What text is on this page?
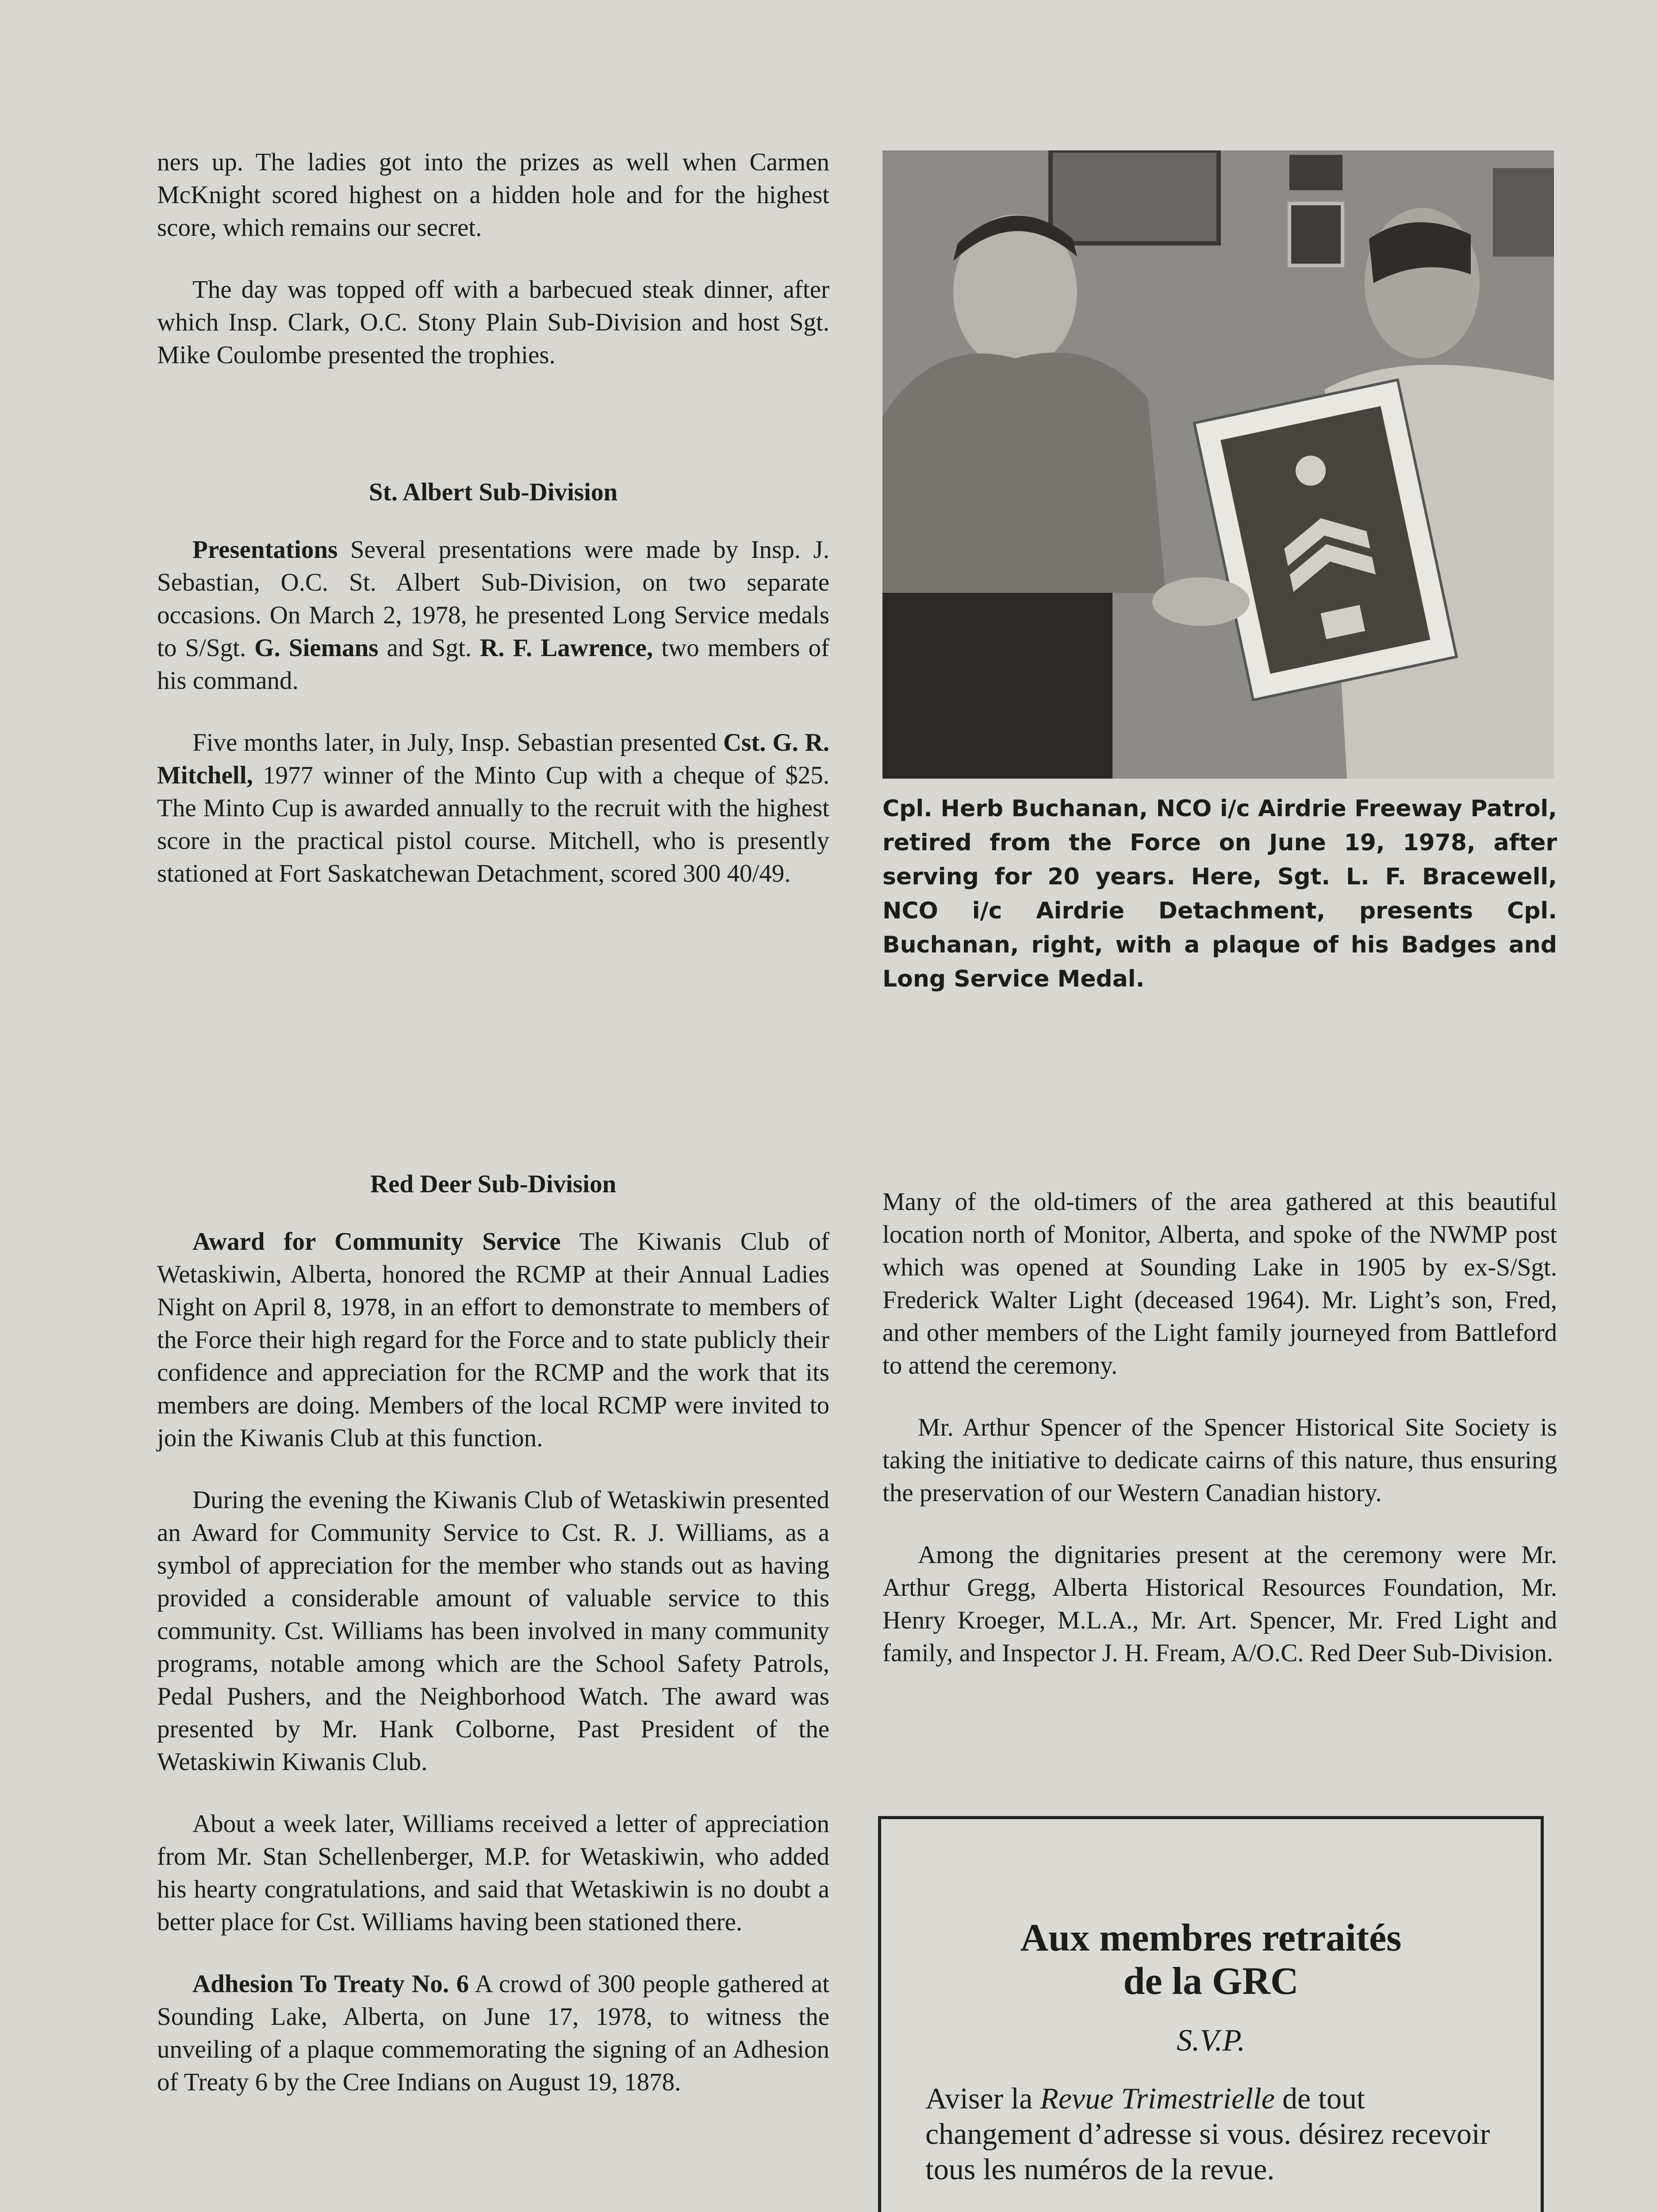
ners up. The ladies got into the prizes as well when Carmen McKnight scored highest on a hidden hole and for the highest score, which remains our secret.

The day was topped off with a barbecued steak dinner, after which Insp. Clark, O.C. Stony Plain Sub-Division and host Sgt. Mike Coulombe presented the trophies.

St. Albert Sub-Division

Presentations Several presentations were made by Insp. J. Sebastian, O.C. St. Albert Sub-Division, on two separate occasions. On March 2, 1978, he presented Long Service medals to S/Sgt. G. Siemans and Sgt. R. F. Lawrence, two members of his command.

Five months later, in July, Insp. Sebastian presented Cst. G. R. Mitchell, 1977 winner of the Minto Cup with a cheque of $25. The Minto Cup is awarded annually to the recruit with the highest score in the practical pistol course. Mitchell, who is presently stationed at Fort Saskatchewan Detachment, scored 300 40/49.

Red Deer Sub-Division

Award for Community Service The Kiwanis Club of Wetaskiwin, Alberta, honored the RCMP at their Annual Ladies Night on April 8, 1978, in an effort to demonstrate to members of the Force their high regard for the Force and to state publicly their confidence and appreciation for the RCMP and the work that its members are doing. Members of the local RCMP were invited to join the Kiwanis Club at this function.

During the evening the Kiwanis Club of Wetaskiwin presented an Award for Community Service to Cst. R. J. Williams, as a symbol of appreciation for the member who stands out as having provided a considerable amount of valuable service to this community. Cst. Williams has been involved in many community programs, notable among which are the School Safety Patrols, Pedal Pushers, and the Neighborhood Watch. The award was presented by Mr. Hank Colborne, Past President of the Wetaskiwin Kiwanis Club.

About a week later, Williams received a letter of appreciation from Mr. Stan Schellenberger, M.P. for Wetaskiwin, who added his hearty congratulations, and said that Wetaskiwin is no doubt a better place for Cst. Williams having been stationed there.

Adhesion To Treaty No. 6 A crowd of 300 people gathered at Sounding Lake, Alberta, on June 17, 1978, to witness the unveiling of a plaque commemorating the signing of an Adhesion of Treaty 6 by the Cree Indians on August 19, 1878.

Cpl. Herb Buchanan, NCO i/c Airdrie Freeway Patrol, retired from the Force on June 19, 1978, after serving for 20 years. Here, Sgt. L. F. Bracewell, NCO i/c Airdrie Detachment, presents Cpl. Buchanan, right, with a plaque of his Badges and Long Service Medal.

Many of the old-timers of the area gathered at this beautiful location north of Monitor, Alberta, and spoke of the NWMP post which was opened at Sounding Lake in 1905 by ex-S/Sgt. Frederick Walter Light (deceased 1964). Mr. Light’s son, Fred, and other members of the Light family journeyed from Battleford to attend the ceremony.

Mr. Arthur Spencer of the Spencer Historical Site Society is taking the initiative to dedicate cairns of this nature, thus ensuring the preservation of our Western Canadian history.

Among the dignitaries present at the ceremony were Mr. Arthur Gregg, Alberta Historical Resources Foundation, Mr. Henry Kroeger, M.L.A., Mr. Art. Spencer, Mr. Fred Light and family, and Inspector J. H. Fream, A/O.C. Red Deer Sub-Division.

Aux membres retraités
de la GRC
S.V.P.
Aviser la Revue Trimestrielle de tout changement d’adresse si vous. désirez recevoir tous les numéros de la revue.
